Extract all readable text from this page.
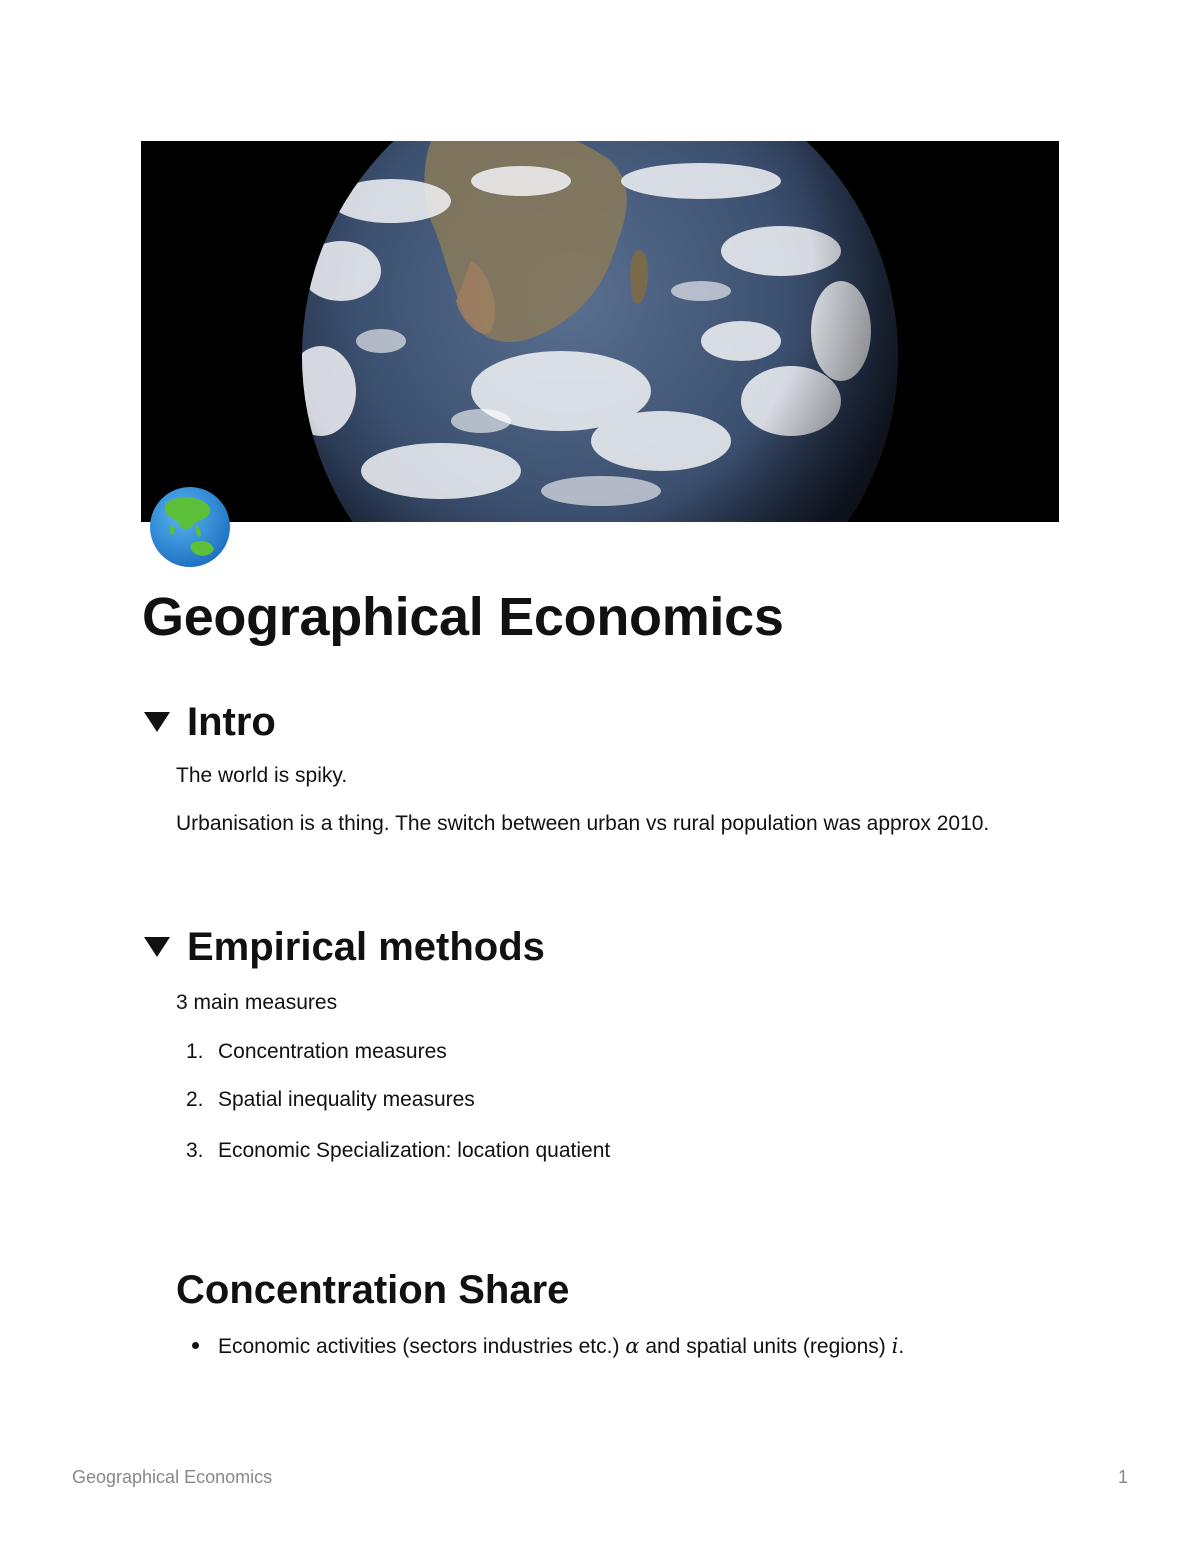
Geographical Economics
Intro

The world is spiky.

Urbanisation is a thing. The switch between urban vs rural population was approx 2010.

Empirical methods

3 main measures

1. Concentration measures
2. Spatial inequality measures
3. Economic Specialization: location quatient
Concentration Share
Economic activities (sectors industries etc.) α and spatial units (regions) i.
Geographical Economics	1
